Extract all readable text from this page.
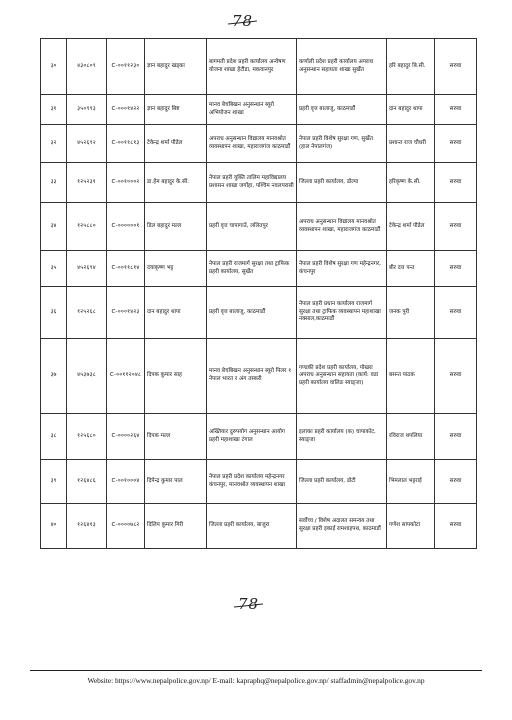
78
३०	४३०८०९	C-००११२३०	ज्ञान बहादुर खड्का	बागमती प्रदेश प्रहरी कार्यालय अन्वेषण योजना शाखा हेटौडा, मकवानपुर	कर्णाली प्रदेश प्रहरी कार्यालय अपराध अनुसन्धान सहायता शाखा सुर्खेत	हरि बहादुर बि.सी.	सरुवा
३१	३५०९९३	C-०००१४२२	ज्ञान बहादुर बिष्ट	मानव बेचबिखन अनुसन्धान ब्यूरो अभियोजन शाखा	प्रहरी वृत्त बालाजु, काठमाडौं	दान बहादुर थापा	सरुवा
३२	४५२६९२	C-००११८१३	टेकेन्द्र शर्मा पौडेल	अपराध अनुसन्धान विद्यालय मानवश्रोत व्यवस्थापन शाखा, महाराजगंज काठमाडौं	नेपाल प्रहरी विशेष सुरक्षा गण, सुर्खेत (हाल नेपालगंज)	प्रशान्त राज चौधरी	सरुवा
३३	१२५२३१	C-००१०००२	डा.हेम बहादुर के.सी.	नेपाल प्रहरी युक्ति तालिम महाविद्यालय प्रशासन शाखा जगाँहा, पश्चिम नवलपरासी	जिल्ला प्रहरी कार्यालय, डोल्पा	हरिकृष्ण के.सी.	सरुवा
३४	१२५८८०	C-००००००१	डिल बहादुर मल्ल	प्रहरी वृत्त चापागाउँ, ललितपुर	अपराध अनुसन्धान विद्यालय मानवश्रोत व्यवस्थापन शाखा, महाराजगंज काठमाडौं	टेकेन्द्र शर्मा पौडेल	सरुवा
३५	४५२६९४	C-००११८१४	दयाकृष्ण भट्ट	नेपाल प्रहरी राजमार्ग सुरक्षा तथा ट्राफिक प्रहरी कार्यालय, सुर्खेत	नेपाल प्रहरी विशेष सुरक्षा गण महेन्द्रनगर, कंचनपुर	बीर दत्त पन्त	सरुवा
३६	१२५२६८	C-०००१४२३	दान बहादुर थापा	प्रहरी वृत्त बालाजु, काठमाडौं	नेपाल प्रहरी प्रधान कार्यालय राजमार्ग सुरक्षा तथा ट्राफिक व्यवस्थापन महाशाखा नक्साल,काठमाडौं	जनक पुरी	सरुवा
३७	४५३७३८	C-००११२०४८	दिपक कुमार साह	मानव बेचबिखन अनुसन्धान ब्यूरो पिलर १ नेपाल भारत र अंग तस्करी	गण्डकी प्रदेश प्रहरी कार्यालय, पोखरा अपराध अनुसन्धान सहायता (कार्य: वडा प्रहरी कार्यालय वालिङ स्याङ्जा)	बसन्त पाठक	सरुवा
३८	१२५६८०	C-००००२६४	दिपक मल्ल	अख्तियार दुरुपयोग अनुसन्धान आयोग प्रहरी महाशाखा टंगाल	इलाका प्रहरी कार्यालय (क) चापाकोट, स्याङ्जा	रविराज थपलिया	सरुवा
३९	१२६४८६	C-००१०००४	दिपेन्द्र कुमार पाल	नेपाल प्रहरी प्रदेश कार्यालय महेन्द्रनगर कंचनपुर, मानवश्रोत व्यवस्थापन शाखा	जिल्ला प्रहरी कार्यालय, डोटी	भिमलाल भट्टराई	सरुवा
४०	१२६४१३	C-००००७८२	दिलिप कुमार गिरी	जिल्ला प्रहरी कार्यालय, बाजुरा	सर्वोच्च / विशेष अदालत समन्वय तथा सुरक्षा प्रहरी इकाई रामशाहपथ, काठमाडौं	गणेश सापकोटा	सरुवा
78
Website: https://www.nepalpolice.gov.np/ E-mail: kapraphq@nepalpolice.gov.np/ staffadmin@nepalpolice.gov.np
